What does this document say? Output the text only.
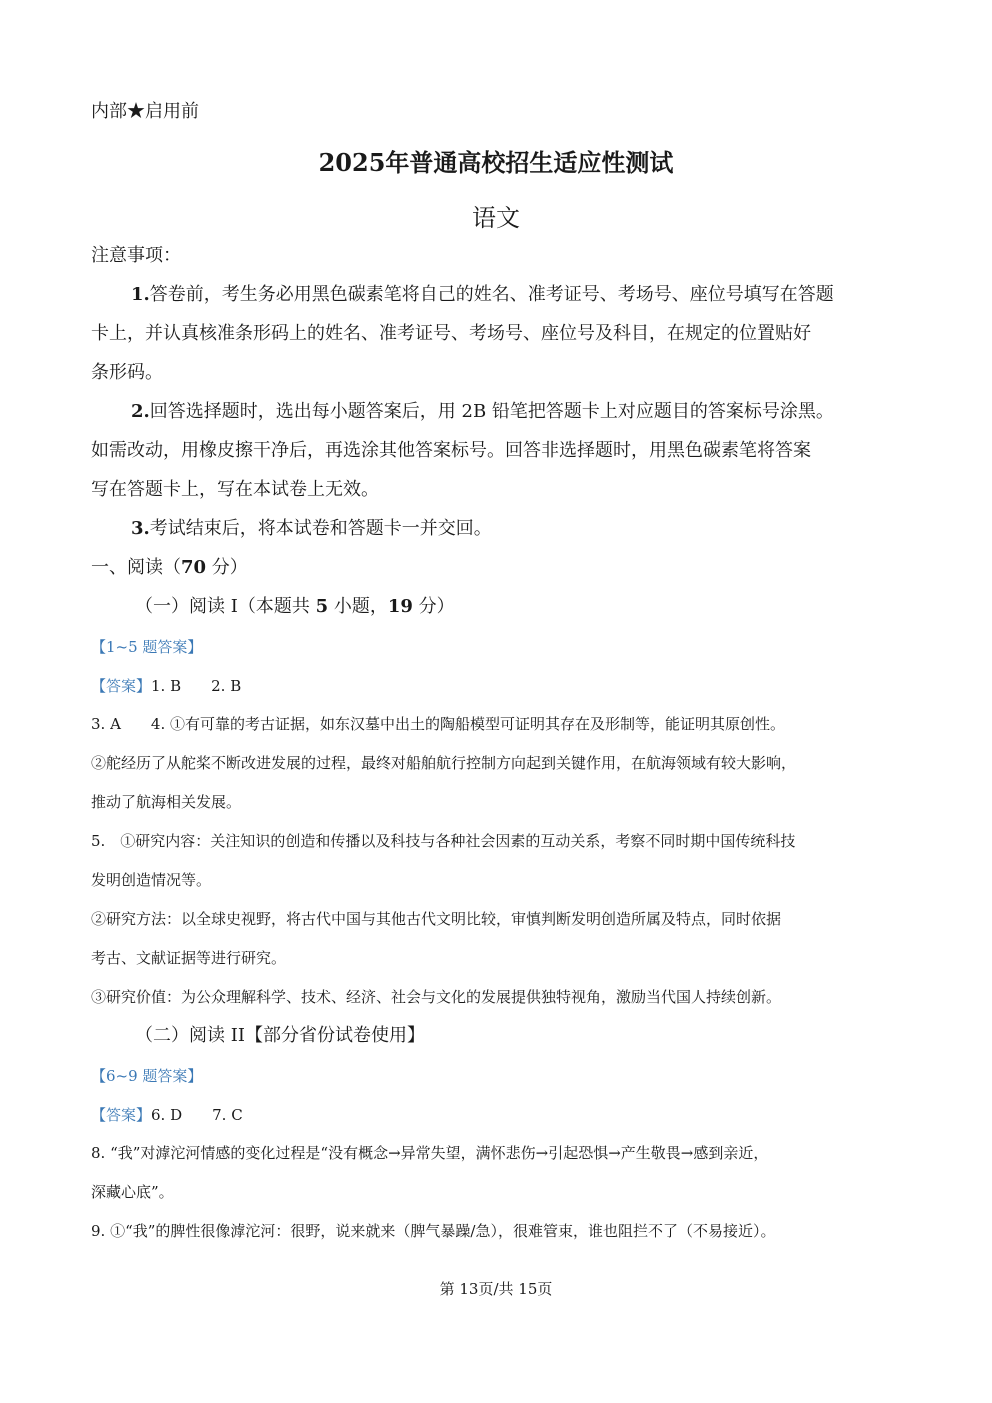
内部★启用前
2025年普通高校招生适应性测试
语文
注意事项：
1.答卷前，考生务必用黑色碳素笔将自己的姓名、准考证号、考场号、座位号填写在答题
卡上，并认真核准条形码上的姓名、准考证号、考场号、座位号及科目，在规定的位置贴好
条形码。
2.回答选择题时，选出每小题答案后，用 2B 铅笔把答题卡上对应题目的答案标号涂黑。
如需改动，用橡皮擦干净后，再选涂其他答案标号。回答非选择题时，用黑色碳素笔将答案
写在答题卡上，写在本试卷上无效。
3.考试结束后，将本试卷和答题卡一并交回。
一、阅读（70 分）
（一）阅读 I（本题共 5 小题，19 分）
【1~5 题答案】
【答案】1. B　　2. B
3. A　　4. ①有可靠的考古证据，如东汉墓中出土的陶船模型可证明其存在及形制等，能证明其原创性。
②舵经历了从舵桨不断改进发展的过程，最终对船舶航行控制方向起到关键作用，在航海领域有较大影响，
推动了航海相关发展。
5.　①研究内容：关注知识的创造和传播以及科技与各种社会因素的互动关系，考察不同时期中国传统科技
发明创造情况等。
②研究方法：以全球史视野，将古代中国与其他古代文明比较，审慎判断发明创造所属及特点，同时依据
考古、文献证据等进行研究。
③研究价值：为公众理解科学、技术、经济、社会与文化的发展提供独特视角，激励当代国人持续创新。
（二）阅读 II【部分省份试卷使用】
【6~9 题答案】
【答案】6. D　　7. C
8. “我”对滹沱河情感的变化过程是“没有概念→异常失望，满怀悲伤→引起恐惧→产生敬畏→感到亲近，
深藏心底”。
9. ①“我”的脾性很像滹沱河：很野，说来就来（脾气暴躁/急），很难管束，谁也阻拦不了（不易接近）。
第 13页/共 15页
